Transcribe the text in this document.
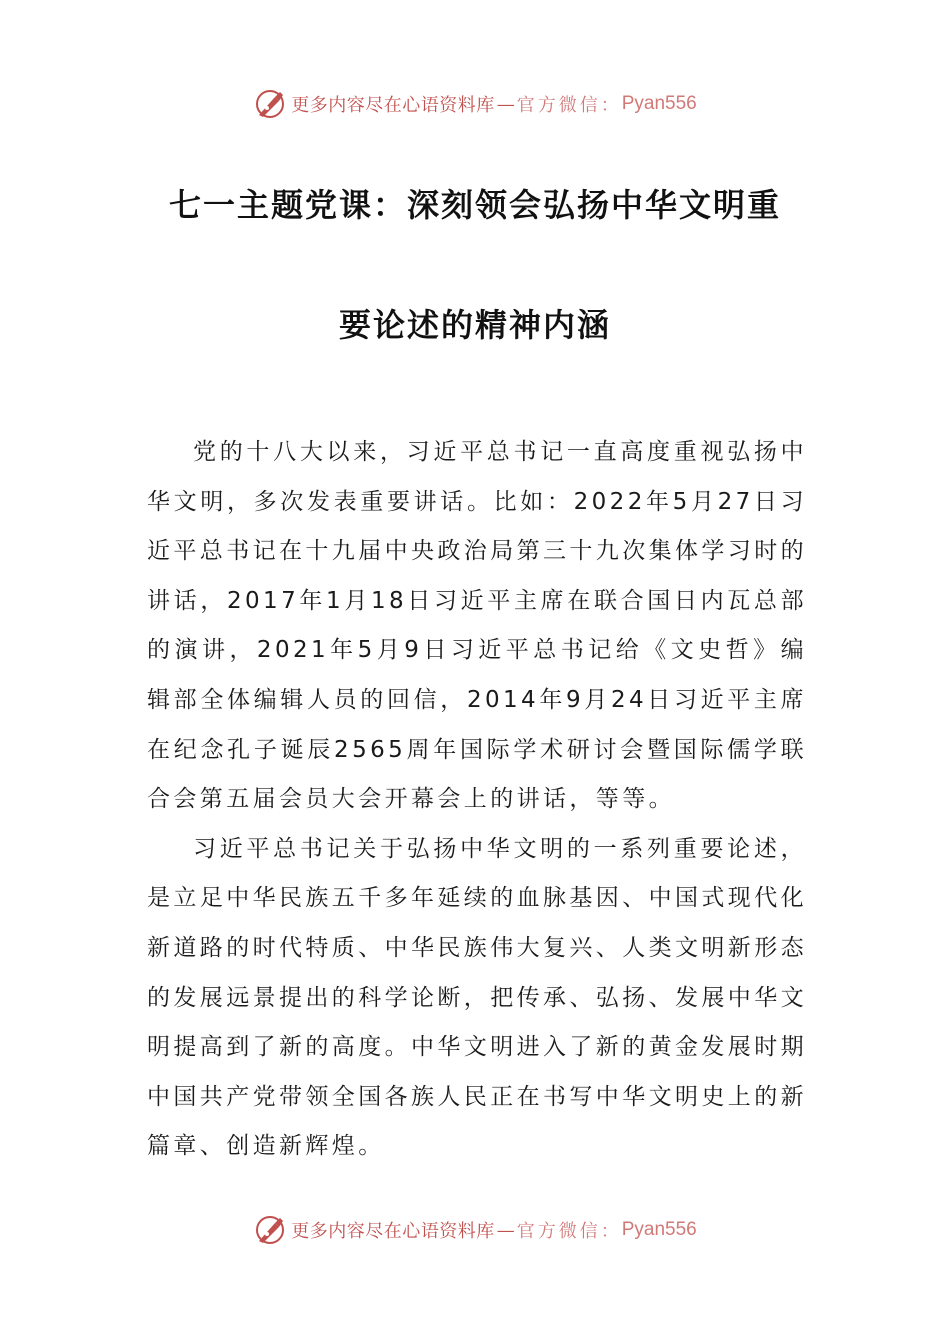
更多内容尽在心语资料库 — 官方微信： Pyan556
七一主题党课：深刻领会弘扬中华文明重
要论述的精神内涵

党的十八大以来，习近平总书记一直高度重视弘扬中华文明，多次发表重要讲话。比如：2022年5月27日习近平总书记在十九届中央政治局第三十九次集体学习时的讲话，2017年1月18日习近平主席在联合国日内瓦总部的演讲，2021年5月9日习近平总书记给《文史哲》编辑部全体编辑人员的回信，2014年9月24日习近平主席在纪念孔子诞辰2565周年国际学术研讨会暨国际儒学联合会第五届会员大会开幕会上的讲话，等等。

习近平总书记关于弘扬中华文明的一系列重要论述，是立足中华民族五千多年延续的血脉基因、中国式现代化新道路的时代特质、中华民族伟大复兴、人类文明新形态的发展远景提出的科学论断，把传承、弘扬、发展中华文明提高到了新的高度。中华文明进入了新的黄金发展时期中国共产党带领全国各族人民正在书写中华文明史上的新篇章、创造新辉煌。

更多内容尽在心语资料库 — 官方微信： Pyan556
